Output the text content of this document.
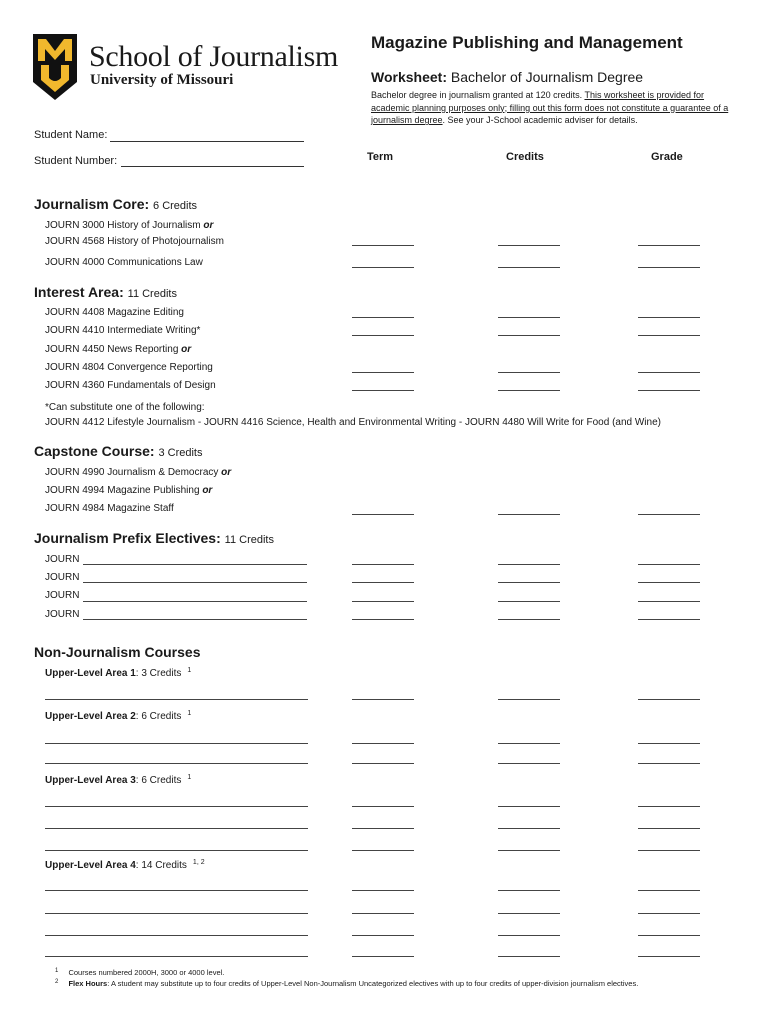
School of Journalism
University of Missouri
Magazine Publishing and Management
Worksheet: Bachelor of Journalism Degree
Bachelor degree in journalism granted at 120 credits. This worksheet is provided for academic planning purposes only; filling out this form does not constitute a guarantee of a journalism degree. See your J-School academic adviser for details.
Student Name:
Student Number:	Term	Credits	Grade
Journalism Core: 6 Credits
JOURN 3000 History of Journalism or
JOURN 4568 History of Photojournalism
JOURN 4000 Communications Law
Interest Area: 11 Credits
JOURN 4408 Magazine Editing
JOURN 4410 Intermediate Writing*
JOURN 4450 News Reporting or
JOURN 4804 Convergence Reporting
JOURN 4360 Fundamentals of Design
*Can substitute one of the following:
JOURN 4412 Lifestyle Journalism - JOURN 4416 Science, Health and Environmental Writing - JOURN 4480 Will Write for Food (and Wine)
Capstone Course: 3 Credits
JOURN 4990 Journalism & Democracy or
JOURN 4994 Magazine Publishing or
JOURN 4984 Magazine Staff
Journalism Prefix Electives: 11 Credits
JOURN
JOURN
JOURN
JOURN
Non-Journalism Courses
Upper-Level Area 1: 3 Credits $^1$
Upper-Level Area 2: 6 Credits $^1$
Upper-Level Area 3: 6 Credits $^1$
Upper-Level Area 4: 14 Credits $^{1, 2}$
$^1$ Courses numbered 2000H, 3000 or 4000 level.
$^2$ Flex Hours: A student may substitute up to four credits of Upper-Level Non-Journalism Uncategorized electives with up to four credits of upper-division journalism electives.
